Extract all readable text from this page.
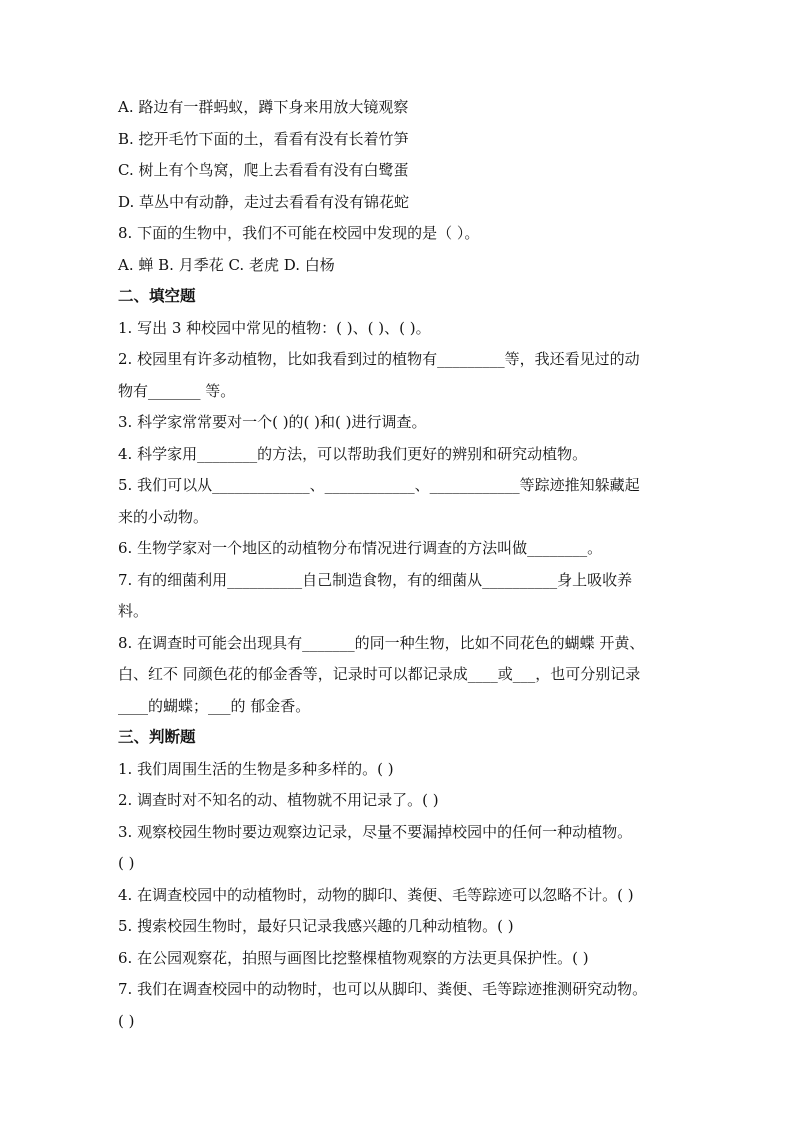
A. 路边有一群蚂蚁，蹲下身来用放大镜观察
B. 挖开毛竹下面的土，看看有没有长着竹笋
C. 树上有个鸟窝，爬上去看看有没有白鹭蛋
D. 草丛中有动静，走过去看看有没有锦花蛇
8. 下面的生物中，我们不可能在校园中发现的是（ ）。
A. 蝉 B. 月季花 C. 老虎 D. 白杨
二、填空题
1. 写出 3 种校园中常见的植物：( )、( )、( )。
2. 校园里有许多动植物，比如我看到过的植物有_________等，我还看见过的动
物有_______ 等。
3. 科学家常常要对一个( )的( )和( )进行调查。
4. 科学家用________的方法，可以帮助我们更好的辨别和研究动植物。
5. 我们可以从_____________、____________、____________等踪迹推知躲藏起
来的小动物。
6. 生物学家对一个地区的动植物分布情况进行调查的方法叫做________。
7. 有的细菌利用__________自己制造食物，有的细菌从__________身上吸收养
料。
8. 在调查时可能会出现具有_______的同一种生物，比如不同花色的蝴蝶 开黄、
白、红不 同颜色花的郁金香等，记录时可以都记录成____或___，也可分别记录
____的蝴蝶；___的 郁金香。
三、判断题
1. 我们周围生活的生物是多种多样的。( )
2. 调查时对不知名的动、植物就不用记录了。( )
3. 观察校园生物时要边观察边记录，尽量不要漏掉校园中的任何一种动植物。
( )
4. 在调查校园中的动植物时，动物的脚印、粪便、毛等踪迹可以忽略不计。( )
5. 搜索校园生物时，最好只记录我感兴趣的几种动植物。( )
6. 在公园观察花，拍照与画图比挖整棵植物观察的方法更具保护性。( )
7. 我们在调查校园中的动物时，也可以从脚印、粪便、毛等踪迹推测研究动物。
( )
